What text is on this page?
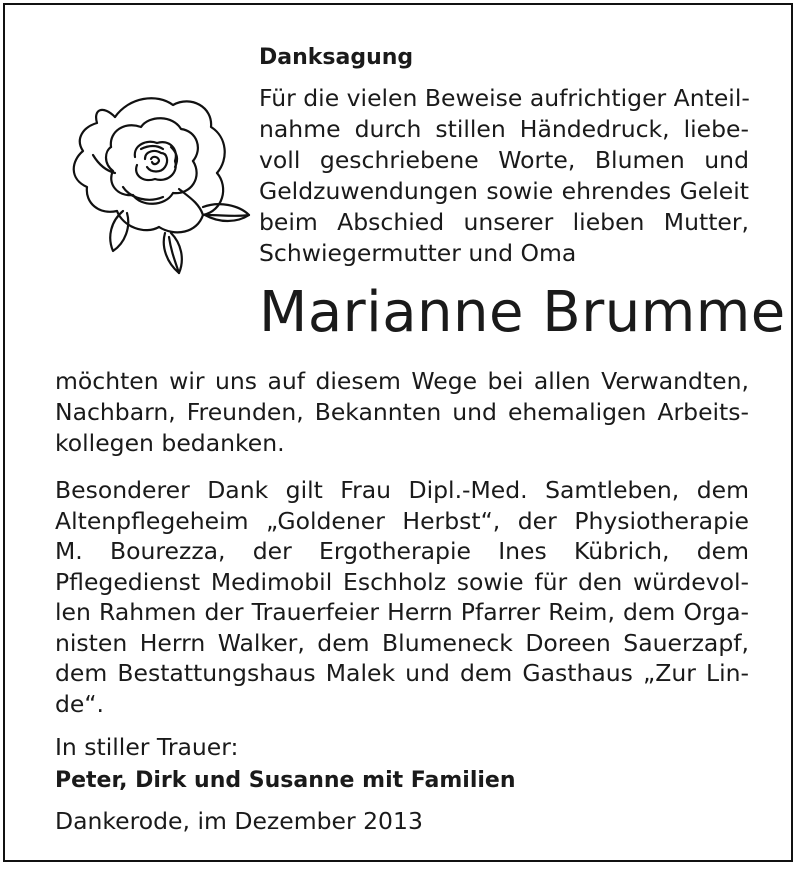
Danksagung

Für die vielen Beweise aufrichtiger Anteil-
nahme durch stillen Händedruck, liebe-
voll geschriebene Worte, Blumen und
Geldzuwendungen sowie ehrendes Geleit
beim Abschied unserer lieben Mutter,
Schwiegermutter und Oma

Marianne Brumme

möchten wir uns auf diesem Wege bei allen Verwandten,
Nachbarn, Freunden, Bekannten und ehemaligen Arbeits-
kollegen bedanken.

Besonderer Dank gilt Frau Dipl.-Med. Samtleben, dem
Altenpflegeheim „Goldener Herbst“, der Physiotherapie
M. Bourezza, der Ergotherapie Ines Kübrich, dem
Pflegedienst Medimobil Eschholz sowie für den würdevol-
len Rahmen der Trauerfeier Herrn Pfarrer Reim, dem Orga-
nisten Herrn Walker, dem Blumeneck Doreen Sauerzapf,
dem Bestattungshaus Malek und dem Gasthaus „Zur Lin-
de“.

In stiller Trauer:

Peter, Dirk und Susanne mit Familien

Dankerode, im Dezember 2013
